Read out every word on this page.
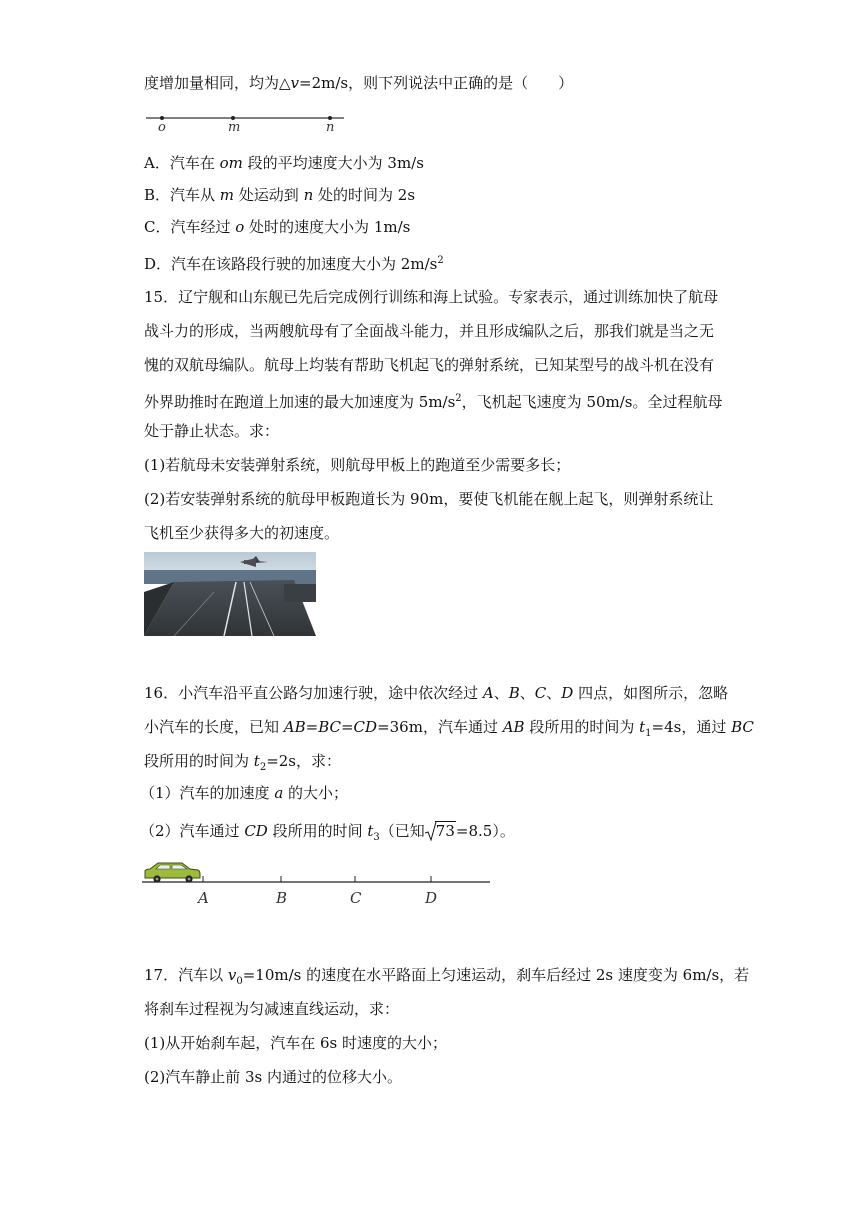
度增加量相同，均为△v=2m/s，则下列说法中正确的是（　　）
o	m	n
A．汽车在 om 段的平均速度大小为 3m/s
B．汽车从 m 处运动到 n 处的时间为 2s
C．汽车经过 o 处时的速度大小为 1m/s
D．汽车在该路段行驶的加速度大小为 $2m/s^2$
15．辽宁舰和山东舰已先后完成例行训练和海上试验。专家表示，通过训练加快了航母
战斗力的形成，当两艘航母有了全面战斗能力，并且形成编队之后，那我们就是当之无
愧的双航母编队。航母上均装有帮助飞机起飞的弹射系统，已知某型号的战斗机在没有
外界助推时在跑道上加速的最大加速度为 $5m/s^2$，飞机起飞速度为 50m/s。全过程航母
处于静止状态。求：
(1)若航母未安装弹射系统，则航母甲板上的跑道至少需要多长；
(2)若安装弹射系统的航母甲板跑道长为 90m，要使飞机能在舰上起飞，则弹射系统让
飞机至少获得多大的初速度。
16．小汽车沿平直公路匀加速行驶，途中依次经过 A、B、C、D 四点，如图所示，忽略
小汽车的长度，已知 AB=BC=CD=36m，汽车通过 AB 段所用的时间为 $t_1=4s$，通过 BC
段所用的时间为 $t_2=2s$，求：
（1）汽车的加速度 a 的大小；
（2）汽车通过 CD 段所用的时间 $t_3$（已知 73=8.5）。
A	B	C	D
17．汽车以 $v_0=10m/s$ 的速度在水平路面上匀速运动，刹车后经过 2s 速度变为 6m/s，若
将刹车过程视为匀减速直线运动，求：
(1)从开始刹车起，汽车在 6s 时速度的大小；
(2)汽车静止前 3s 内通过的位移大小。
